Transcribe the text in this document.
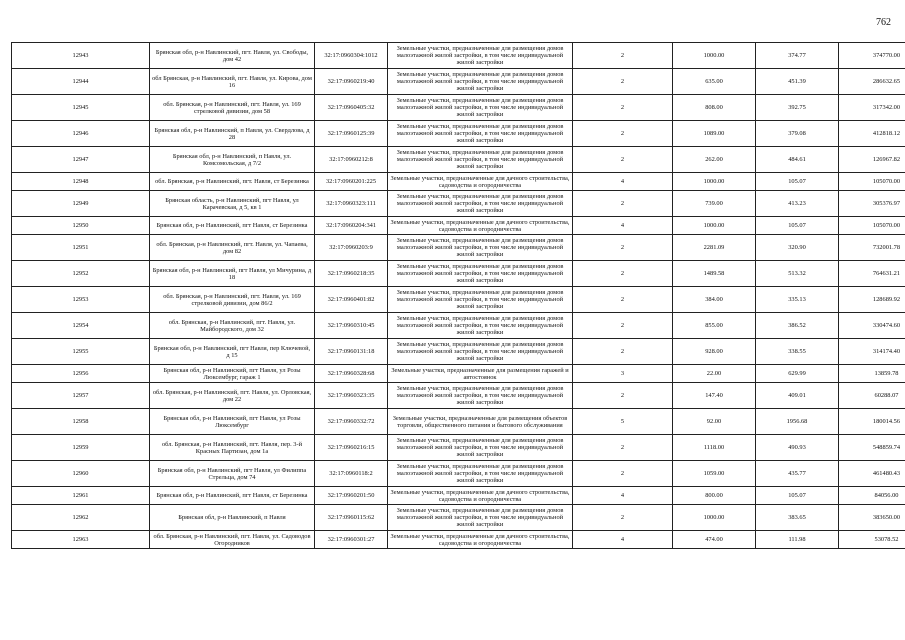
762
12943	Брянская обл, р-н Навлинский, пгт. Навля, ул. Свободы, дом 42	32:17:0960304:1012	Земельные участки, предназначенные для размещения домов малоэтажной жилой застройки, в том числе индивидуальной жилой застройки	2	1000.00	374.77	374770.00
12944	обл Брянская, р-н Навлинский, пгт. Навля, ул. Кирова, дом 16	32:17:0960219:40	Земельные участки, предназначенные для размещения домов малоэтажной жилой застройки, в том числе индивидуальной жилой застройки	2	635.00	451.39	286632.65
12945	обл. Брянская, р-н Навлинский, пгт. Навля, ул. 169 стрелковой дивизии, дом 58	32:17:0960405:32	Земельные участки, предназначенные для размещения домов малоэтажной жилой застройки, в том числе индивидуальной жилой застройки	2	808.00	392.75	317342.00
12946	Брянская обл, р-н Навлинский, п Навля, ул. Свердлова, д 28	32:17:0960125:39	Земельные участки, предназначенные для размещения домов малоэтажной жилой застройки, в том числе индивидуальной жилой застройки	2	1089.00	379.08	412818.12
12947	Брянская обл, р-н Навлинский, п Навля, ул. Комсомольская, д 7/2	32:17:0960212:8	Земельные участки, предназначенные для размещения домов малоэтажной жилой застройки, в том числе индивидуальной жилой застройки	2	262.00	484.61	126967.82
12948	обл. Брянская, р-н Навлинский, пгт. Навля, ст Березинка	32:17:0960201:225	Земельные участки, предназначенные для дачного строительства, садоводства и огородничества	4	1000.00	105.07	105070.00
12949	Брянская область, р-н Навлинский, пгт Навля, ул Карачевская, д 5, кв 1	32:17:0960323:111	Земельные участки, предназначенные для размещения домов малоэтажной жилой застройки, в том числе индивидуальной жилой застройки	2	739.00	413.23	305376.97
12950	Брянская обл, р-н Навлинский, пгт Навля, ст Березинка	32:17:0960204:341	Земельные участки, предназначенные для дачного строительства, садоводства и огородничества	4	1000.00	105.07	105070.00
12951	обл. Брянская, р-н Навлинский, пгт. Навля, ул. Чапаева, дом 82	32:17:0960203:9	Земельные участки, предназначенные для размещения домов малоэтажной жилой застройки, в том числе индивидуальной жилой застройки	2	2281.09	320.90	732001.78
12952	Брянская обл, р-н Навлинский, пгт Навля, ул Мичурина, д 18	32:17:0960218:35	Земельные участки, предназначенные для размещения домов малоэтажной жилой застройки, в том числе индивидуальной жилой застройки	2	1489.58	513.32	764631.21
12953	обл. Брянская, р-н Навлинский, пгт. Навля, ул. 169 стрелковой дивизии, дом 86/2	32:17:0960401:82	Земельные участки, предназначенные для размещения домов малоэтажной жилой застройки, в том числе индивидуальной жилой застройки	2	384.00	335.13	128689.92
12954	обл. Брянская, р-н Навлинский, пгт. Навля, ул. Майбородского, дом 32	32:17:0960310:45	Земельные участки, предназначенные для размещения домов малоэтажной жилой застройки, в том числе индивидуальной жилой застройки	2	855.00	386.52	330474.60
12955	Брянская обл, р-н Навлинский, пгт Навля, пер Ключевой, д 15	32:17:0960131:18	Земельные участки, предназначенные для размещения домов малоэтажной жилой застройки, в том числе индивидуальной жилой застройки	2	928.00	338.55	314174.40
12956	Брянская обл, р-н Навлинский, пгт Навля, ул Розы Люксембург, гараж 1	32:17:0960328:68	Земельные участки, предназначенные для размещения гаражей и автостоянок	3	22.00	629.99	13859.78
12957	обл. Брянская, р-н Навлинский, пгт. Навля, ул. Орловская, дом 22	32:17:0960323:35	Земельные участки, предназначенные для размещения домов малоэтажной жилой застройки, в том числе индивидуальной жилой застройки	2	147.40	409.01	60288.07
12958	Брянская обл, р-н Навлинский, пгт Навля, ул Розы Люксембург	32:17:0960332:72	Земельные участки, предназначенные для размещения объектов торговли, общественного питания и бытового обслуживания	5	92.00	1956.68	180014.56
12959	обл. Брянская, р-н Навлинский, пгт. Навля, пер. 3-й Красных Партизан, дом 1а	32:17:0960216:15	Земельные участки, предназначенные для размещения домов малоэтажной жилой застройки, в том числе индивидуальной жилой застройки	2	1118.00	490.93	548859.74
12960	Брянская обл, р-н Навлинский, пгт Навля, ул Филиппа Стрельца, дом 74	32:17:0960118:2	Земельные участки, предназначенные для размещения домов малоэтажной жилой застройки, в том числе индивидуальной жилой застройки	2	1059.00	435.77	461480.43
12961	Брянская обл, р-н Навлинский, пгт Навля, ст Березинка	32:17:0960201:50	Земельные участки, предназначенные для дачного строительства, садоводства и огородничества	4	800.00	105.07	84056.00
12962	Брянская обл, р-н Навлинский, п Навля	32:17:0960115:62	Земельные участки, предназначенные для размещения домов малоэтажной жилой застройки, в том числе индивидуальной жилой застройки	2	1000.00	383.65	383650.00
12963	обл. Брянская, р-н Навлинский, пгт. Навля, ул. Садоводов Огородников	32:17:0960301:27	Земельные участки, предназначенные для дачного строительства, садоводства и огородничества	4	474.00	111.98	53078.52
